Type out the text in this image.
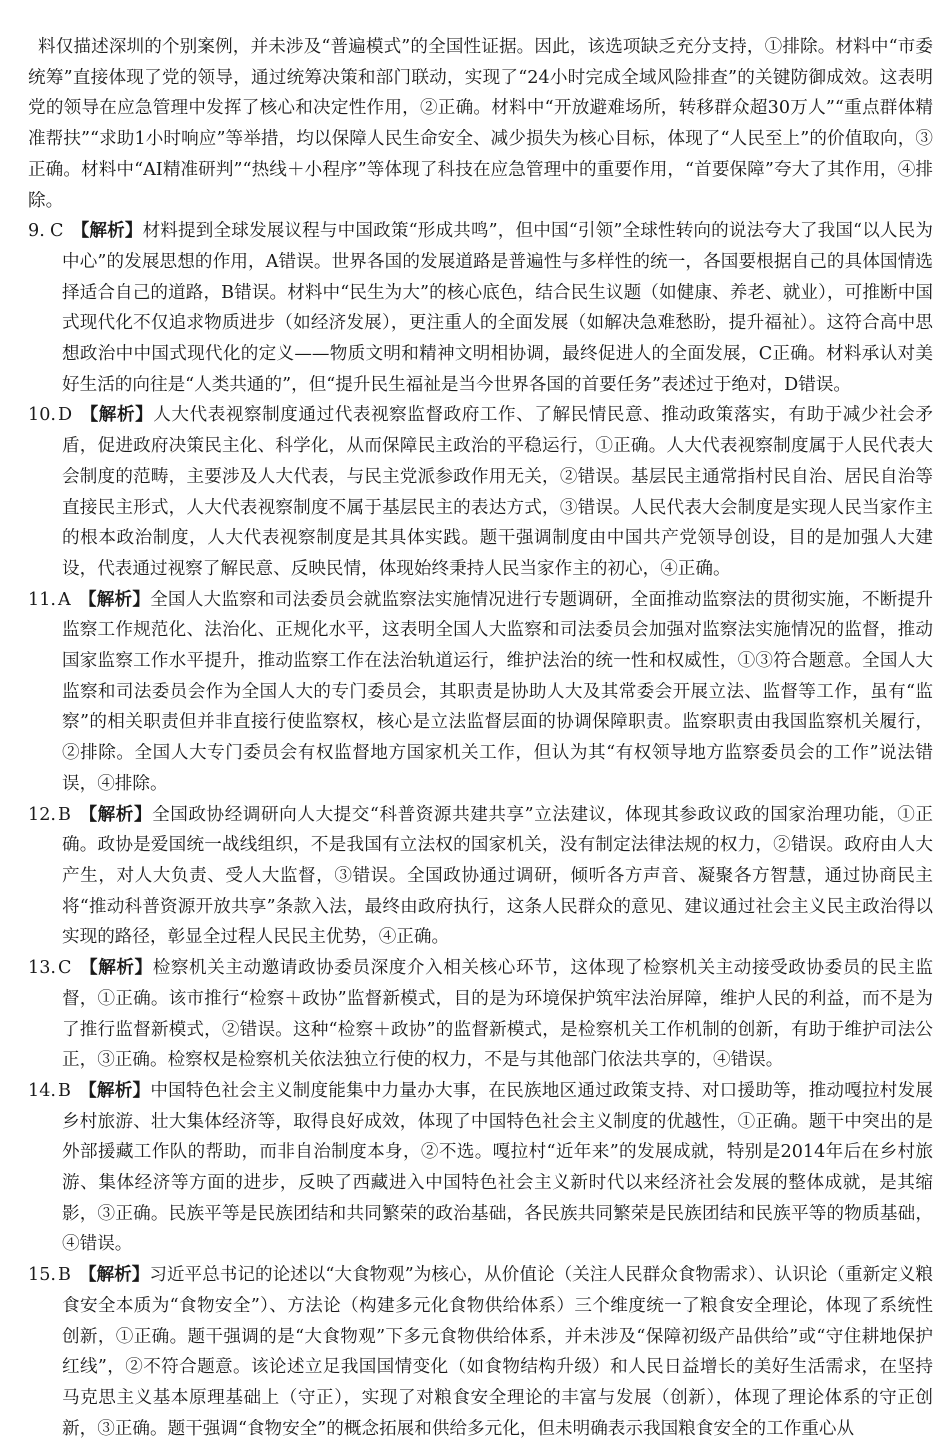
料仅描述深圳的个别案例，并未涉及“普遍模式”的全国性证据。因此，该选项缺乏充分支持，①排除。材料中“市委统筹”直接体现了党的领导，通过统筹决策和部门联动，实现了“24小时完成全域风险排查”的关键防御成效。这表明党的领导在应急管理中发挥了核心和决定性作用，②正确。材料中“开放避难场所，转移群众超30万人”“重点群体精准帮扶”“求助1小时响应”等举措，均以保障人民生命安全、减少损失为核心目标，体现了“人民至上”的价值取向，③正确。材料中“AI精准研判”“热线＋小程序”等体现了科技在应急管理中的重要作用，“首要保障”夸大了其作用，④排除。

9. C 【解析】材料提到全球发展议程与中国政策“形成共鸣”，但中国“引领”全球性转向的说法夸大了我国“以人民为中心”的发展思想的作用，A错误。世界各国的发展道路是普遍性与多样性的统一，各国要根据自己的具体国情选择适合自己的道路，B错误。材料中“民生为大”的核心底色，结合民生议题（如健康、养老、就业），可推断中国式现代化不仅追求物质进步（如经济发展），更注重人的全面发展（如解决急难愁盼，提升福祉）。这符合高中思想政治中中国式现代化的定义——物质文明和精神文明相协调，最终促进人的全面发展，C正确。材料承认对美好生活的向往是“人类共通的”，但“提升民生福祉是当今世界各国的首要任务”表述过于绝对，D错误。

10. D 【解析】人大代表视察制度通过代表视察监督政府工作、了解民情民意、推动政策落实，有助于减少社会矛盾，促进政府决策民主化、科学化，从而保障民主政治的平稳运行，①正确。人大代表视察制度属于人民代表大会制度的范畴，主要涉及人大代表，与民主党派参政作用无关，②错误。基层民主通常指村民自治、居民自治等直接民主形式，人大代表视察制度不属于基层民主的表达方式，③错误。人民代表大会制度是实现人民当家作主的根本政治制度，人大代表视察制度是其具体实践。题干强调制度由中国共产党领导创设，目的是加强人大建设，代表通过视察了解民意、反映民情，体现始终秉持人民当家作主的初心，④正确。

11. A 【解析】全国人大监察和司法委员会就监察法实施情况进行专题调研，全面推动监察法的贯彻实施，不断提升监察工作规范化、法治化、正规化水平，这表明全国人大监察和司法委员会加强对监察法实施情况的监督，推动国家监察工作水平提升，推动监察工作在法治轨道运行，维护法治的统一性和权威性，①③符合题意。全国人大监察和司法委员会作为全国人大的专门委员会，其职责是协助人大及其常委会开展立法、监督等工作，虽有“监察”的相关职责但并非直接行使监察权，核心是立法监督层面的协调保障职责。监察职责由我国监察机关履行，②排除。全国人大专门委员会有权监督地方国家机关工作，但认为其“有权领导地方监察委员会的工作”说法错误，④排除。

12. B 【解析】全国政协经调研向人大提交“科普资源共建共享”立法建议，体现其参政议政的国家治理功能，①正确。政协是爱国统一战线组织，不是我国有立法权的国家机关，没有制定法律法规的权力，②错误。政府由人大产生，对人大负责、受人大监督，③错误。全国政协通过调研，倾听各方声音、凝聚各方智慧，通过协商民主将“推动科普资源开放共享”条款入法，最终由政府执行，这条人民群众的意见、建议通过社会主义民主政治得以实现的路径，彰显全过程人民民主优势，④正确。

13. C 【解析】检察机关主动邀请政协委员深度介入相关核心环节，这体现了检察机关主动接受政协委员的民主监督，①正确。该市推行“检察＋政协”监督新模式，目的是为环境保护筑牢法治屏障，维护人民的利益，而不是为了推行监督新模式，②错误。这种“检察＋政协”的监督新模式，是检察机关工作机制的创新，有助于维护司法公正，③正确。检察权是检察机关依法独立行使的权力，不是与其他部门依法共享的，④错误。

14. B 【解析】中国特色社会主义制度能集中力量办大事，在民族地区通过政策支持、对口援助等，推动嘎拉村发展乡村旅游、壮大集体经济等，取得良好成效，体现了中国特色社会主义制度的优越性，①正确。题干中突出的是外部援藏工作队的帮助，而非自治制度本身，②不选。嘎拉村“近年来”的发展成就，特别是2014年后在乡村旅游、集体经济等方面的进步，反映了西藏进入中国特色社会主义新时代以来经济社会发展的整体成就，是其缩影，③正确。民族平等是民族团结和共同繁荣的政治基础，各民族共同繁荣是民族团结和民族平等的物质基础，④错误。

15. B 【解析】习近平总书记的论述以“大食物观”为核心，从价值论（关注人民群众食物需求）、认识论（重新定义粮食安全本质为“食物安全”）、方法论（构建多元化食物供给体系）三个维度统一了粮食安全理论，体现了系统性创新，①正确。题干强调的是“大食物观”下多元食物供给体系，并未涉及“保障初级产品供给”或“守住耕地保护红线”，②不符合题意。该论述立足我国国情变化（如食物结构升级）和人民日益增长的美好生活需求，在坚持马克思主义基本原理基础上（守正），实现了对粮食安全理论的丰富与发展（创新），体现了理论体系的守正创新，③正确。题干强调“食物安全”的概念拓展和供给多元化，但未明确表示我国粮食安全的工作重心从
